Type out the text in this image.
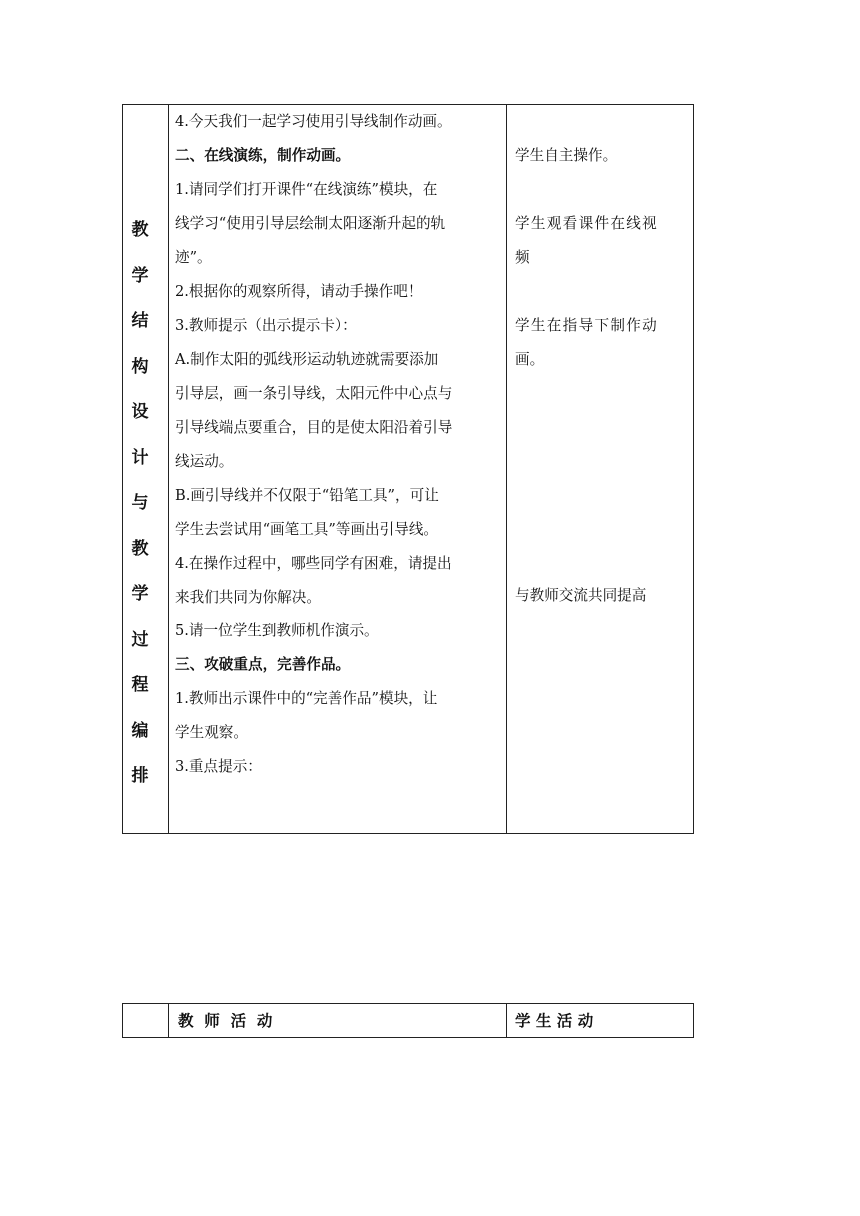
教
学
结
构
设
计
与
教
学
过
程
编
排
4.今天我们一起学习使用引导线制作动画。
二、在线演练，制作动画。
1.请同学们打开课件“在线演练”模块，在
线学习“使用引导层绘制太阳逐渐升起的轨
迹”。
2.根据你的观察所得，请动手操作吧！
3.教师提示（出示提示卡）：
A.制作太阳的弧线形运动轨迹就需要添加
引导层，画一条引导线，太阳元件中心点与
引导线端点要重合，目的是使太阳沿着引导
线运动。
B.画引导线并不仅限于“铅笔工具”，可让
学生去尝试用“画笔工具”等画出引导线。
4.在操作过程中，哪些同学有困难，请提出
来我们共同为你解决。
5.请一位学生到教师机作演示。
三、攻破重点，完善作品。
1.教师出示课件中的“完善作品”模块，让
学生观察。
3.重点提示：
学生自主操作。
学生观看课件在线视
频
学生在指导下制作动
画。
与教师交流共同提高
教  师  活  动	学 生 活 动
